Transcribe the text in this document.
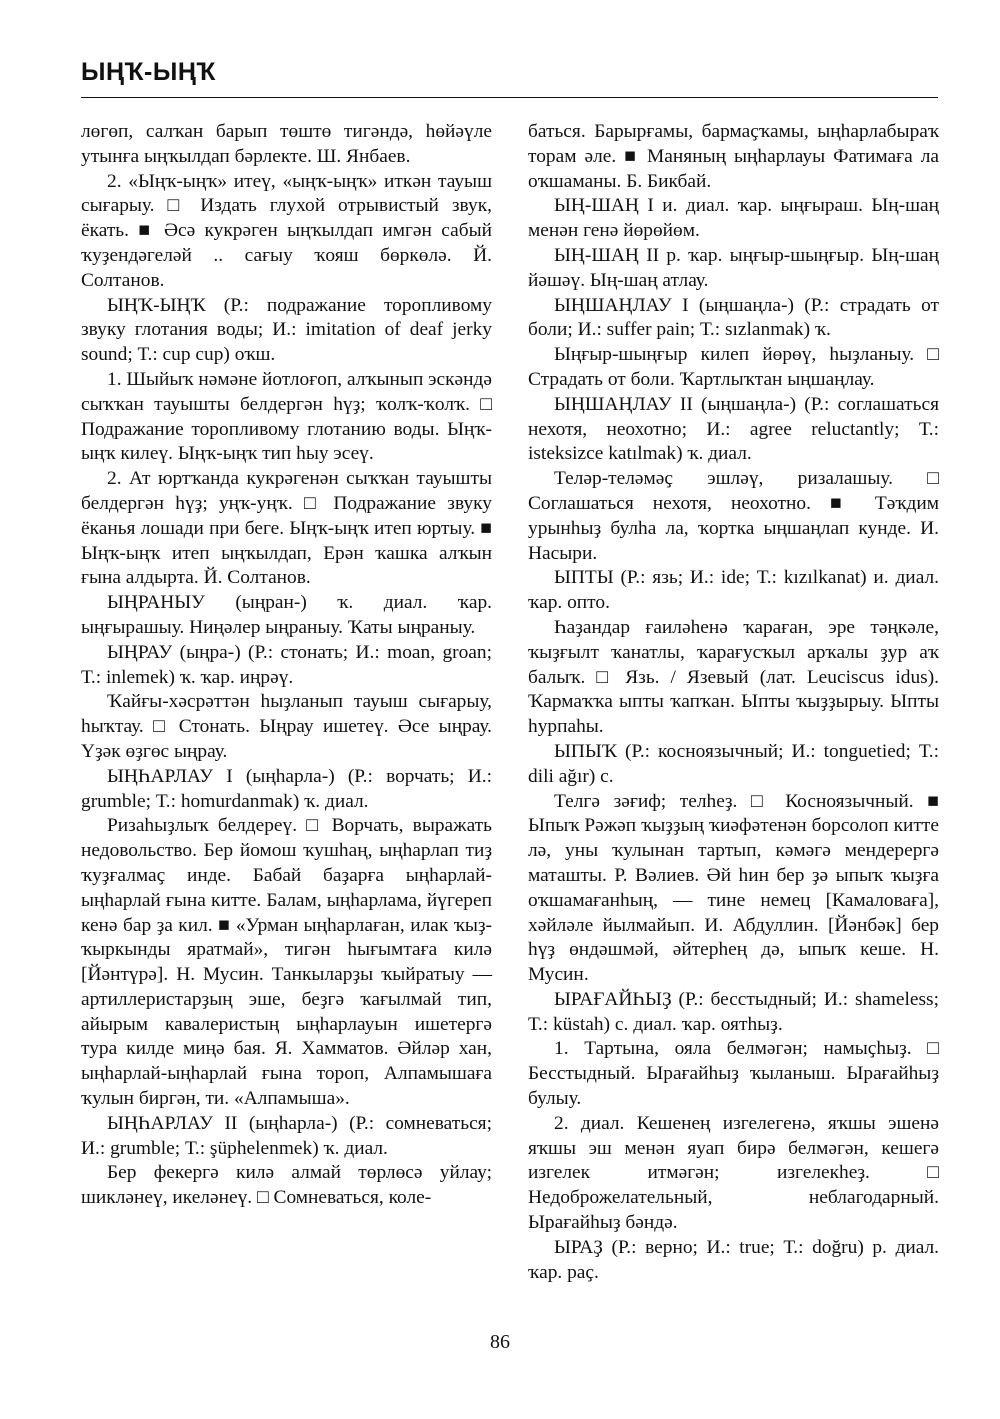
ЫҢҠ-ЫҢҠ

лөгөп, салҡан барып төштө тигәндә, һөйәүле утынға ыңҡылдап бәрлекте. Ш. Янбаев.

2. «Ыңҡ-ыңҡ» итеү, «ыңҡ-ыңҡ» иткән тауыш сығарыу. □ Издать глухой отрывистый звук, ёкать. ■ Әсә кукрәген ыңҡылдап имгән сабый ҡуҙендәгеләй .. сағыу ҡояш бөркөлә. Й. Солтанов.

ЫҢҠ-ЫҢҠ (Р.: подражание торопливому звуку глотания воды; И.: imitation of deaf jerky sound; Т.: cup cup) оҡш.

1. Шыйыҡ нәмәне йотлоғоп, алҡынып эскәндә сыҡҡан тауышты белдергән һүҙ; ҡолҡ-ҡолҡ. □ Подражание торопливому глотанию воды. Ыңҡ-ыңҡ килеү. Ыңҡ-ыңҡ тип һыу эсеү.

2. Ат юртҡанда кукрәгенән сыҡҡан тауышты белдергән һүҙ; уңҡ-уңҡ. □ Подражание звуку ёканья лошади при беге. Ыңҡ-ыңҡ итеп юртыу. ■ Ыңҡ-ыңҡ итеп ыңҡылдап, Ерән ҡашка алҡын ғына алдырта. Й. Солтанов.

ЫҢРАНЫУ (ыңран-) ҡ. диал. ҡар. ыңғырашыу. Ниңәлер ыңраныу. Ҡаты ыңраныу.

ЫҢРАУ (ыңра-) (Р.: стонать; И.: moan, groan; Т.: inlemek) ҡ. ҡар. иңрәү.

Ҡайғы-хәсрәттән һыҙланып тауыш сығарыу, һыҡтау. □ Стонать. Ыңрау ишетеү. Әсе ыңрау. Үҙәк өҙгөс ыңрау.

ЫҢҺАРЛАУ I (ыңһарла-) (Р.: ворчать; И.: grumble; Т.: homurdanmak) ҡ. диал.

Ризаһыҙлыҡ белдереү. □ Ворчать, выражать недовольство. Бер йомош ҡушһаң, ыңһарлап тиҙ ҡуҙғалмаҫ инде. Бабай баҙарға ыңһарлай-ыңһарлай ғына китте. Балам, ыңһарлама, йүгереп кенә бар ҙа кил. ■ «Урман ыңһарлаған, илак ҡыҙ-ҡыркынды яратмай», тигән һығымтаға килә [Йәнтүрә]. Н. Мусин. Танкыларҙы ҡыйратыу — артиллеристарҙың эше, беҙгә ҡағылмай тип, айырым кавалеристың ыңһарлауын ишетергә тура килде миңә бая. Я. Хамматов. Әйләр хан, ыңһарлай-ыңһарлай ғына тороп, Алпамышаға ҡулын биргән, ти. «Алпамыша».

ЫҢҺАРЛАУ II (ыңһарла-) (Р.: сомневаться; И.: grumble; Т.: şüphelenmek) ҡ. диал.

Бер фекергә килә алмай төрлөсә уйлау; шикләнеү, икеләнеү. □ Сомневаться, коле-

баться. Барырғамы, бармаҫҡамы, ыңһарлабыраҡ торам әле. ■ Маняның ыңһарлауы Фатимаға ла оҡшаманы. Б. Бикбай.

ЫҢ-ШАҢ I и. диал. ҡар. ыңғыраш. Ың-шаң менән генә йөрөйөм.

ЫҢ-ШАҢ II р. ҡар. ыңғыр-шыңғыр. Ың-шаң йәшәү. Ың-шаң атлау.

ЫҢШАҢЛАУ I (ыңшаңла-) (Р.: страдать от боли; И.: suffer pain; Т.: sızlanmak) ҡ.

Ыңғыр-шыңғыр килеп йөрөү, һыҙланыу. □ Страдать от боли. Ҡартлыҡтан ыңшаңлау.

ЫҢШАҢЛАУ II (ыңшаңла-) (Р.: соглашаться нехотя, неохотно; И.: agree reluctantly; Т.: isteksizce katılmak) ҡ. диал.

Теләр-теләмәҫ эшләү, ризалашыу. □ Соглашаться нехотя, неохотно. ■ Тәҡдим урынһыҙ булһа ла, ҡортка ыңшаңлап кунде. И. Насыри.

ЫПТЫ (Р.: язь; И.: ide; Т.: kızılkanat) и. диал. ҡар. опто.

Һаҙандар ғаиләһенә ҡараған, эре тәңкәле, ҡыҙғылт ҡанатлы, ҡарағусҡыл арҡалы ҙур аҡ балыҡ. □ Язь. / Язевый (лат. Leuciscus idus). Ҡармаҡҡа ыпты ҡапҡан. Ыпты ҡыҙҙырыу. Ыпты һурпаһы.

ЫПЫҠ (Р.: косноязычный; И.: tonguetied; Т.: dili ağır) с.

Телгә зәғиф; телһеҙ. □ Косноязычный. ■ Ыпыҡ Рәжәп ҡыҙҙың ҡиәфәтенән борсолоп китте лә, уны ҡулынан тартып, кәмәгә мендерергә маташты. Р. Вәлиев. Әй һин бер ҙә ыпыҡ ҡыҙға оҡшамағанһың, — тине немец [Камаловаға], хәйләле йылмайып. И. Абдуллин. [Йәнбәк] бер һүҙ өндәшмәй, әйтерһең дә, ыпыҡ кеше. Н. Мусин.

ЫРАҒАЙҺЫҘ (Р.: бесстыдный; И.: shameless; Т.: küstah) с. диал. ҡар. оятһыҙ.

1. Тартына, ояла белмәгән; намыҫһыҙ. □ Бесстыдный. Ырағайһыҙ ҡыланыш. Ырағайһыҙ булыу.

2. диал. Кешенең изгелегенә, яҡшы эшенә яҡшы эш менән яуап бирә белмәгән, кешегә изгелек итмәгән; изгелекһеҙ. □ Недоброжелательный, неблагодарный. Ырағайһыҙ бәндә.

ЫРАҘ (Р.: верно; И.: true; Т.: doğru) р. диал. ҡар. раҫ.

86
